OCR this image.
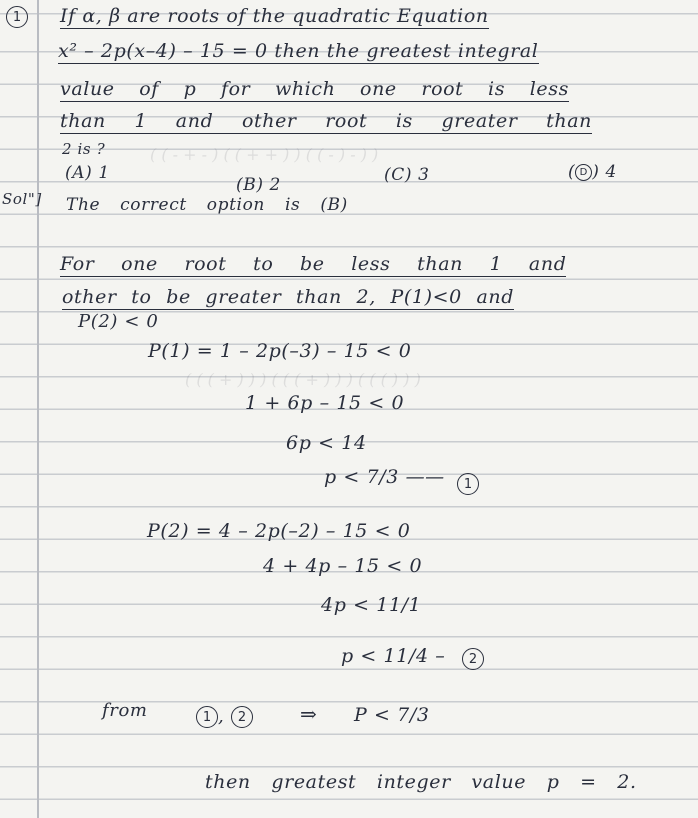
( ( - + - ) ( ( + + ) ) ( ( - ) - ) )
( ( ( + ) ) ) ( ( ( + ) ) ) ( ( ( ) ) )
1 If α, β are roots of the quadratic Equation
x² – 2p(x–4) – 15 = 0 then the greatest integral
value of p for which one root is less
than 1 and other root is greater than
2 is ?
(A) 1
(B) 2	(C) 3	( D ) 4
Sol"] The correct option is (B)
For one root to be less than 1 and
other to be greater than 2, P(1)<0 and
P(2) < 0
P(1) = 1 – 2p(–3) – 15 < 0
1 + 6p – 15 < 0
6p < 14
p < 7/3 —— 1
P(2) = 4 – 2p(–2) – 15 < 0
4 + 4p – 15 < 0
4p < 11/1
p < 11/4 – 2
from	1 , 2	⇒ P < 7/3
then greatest integer value p = 2.
